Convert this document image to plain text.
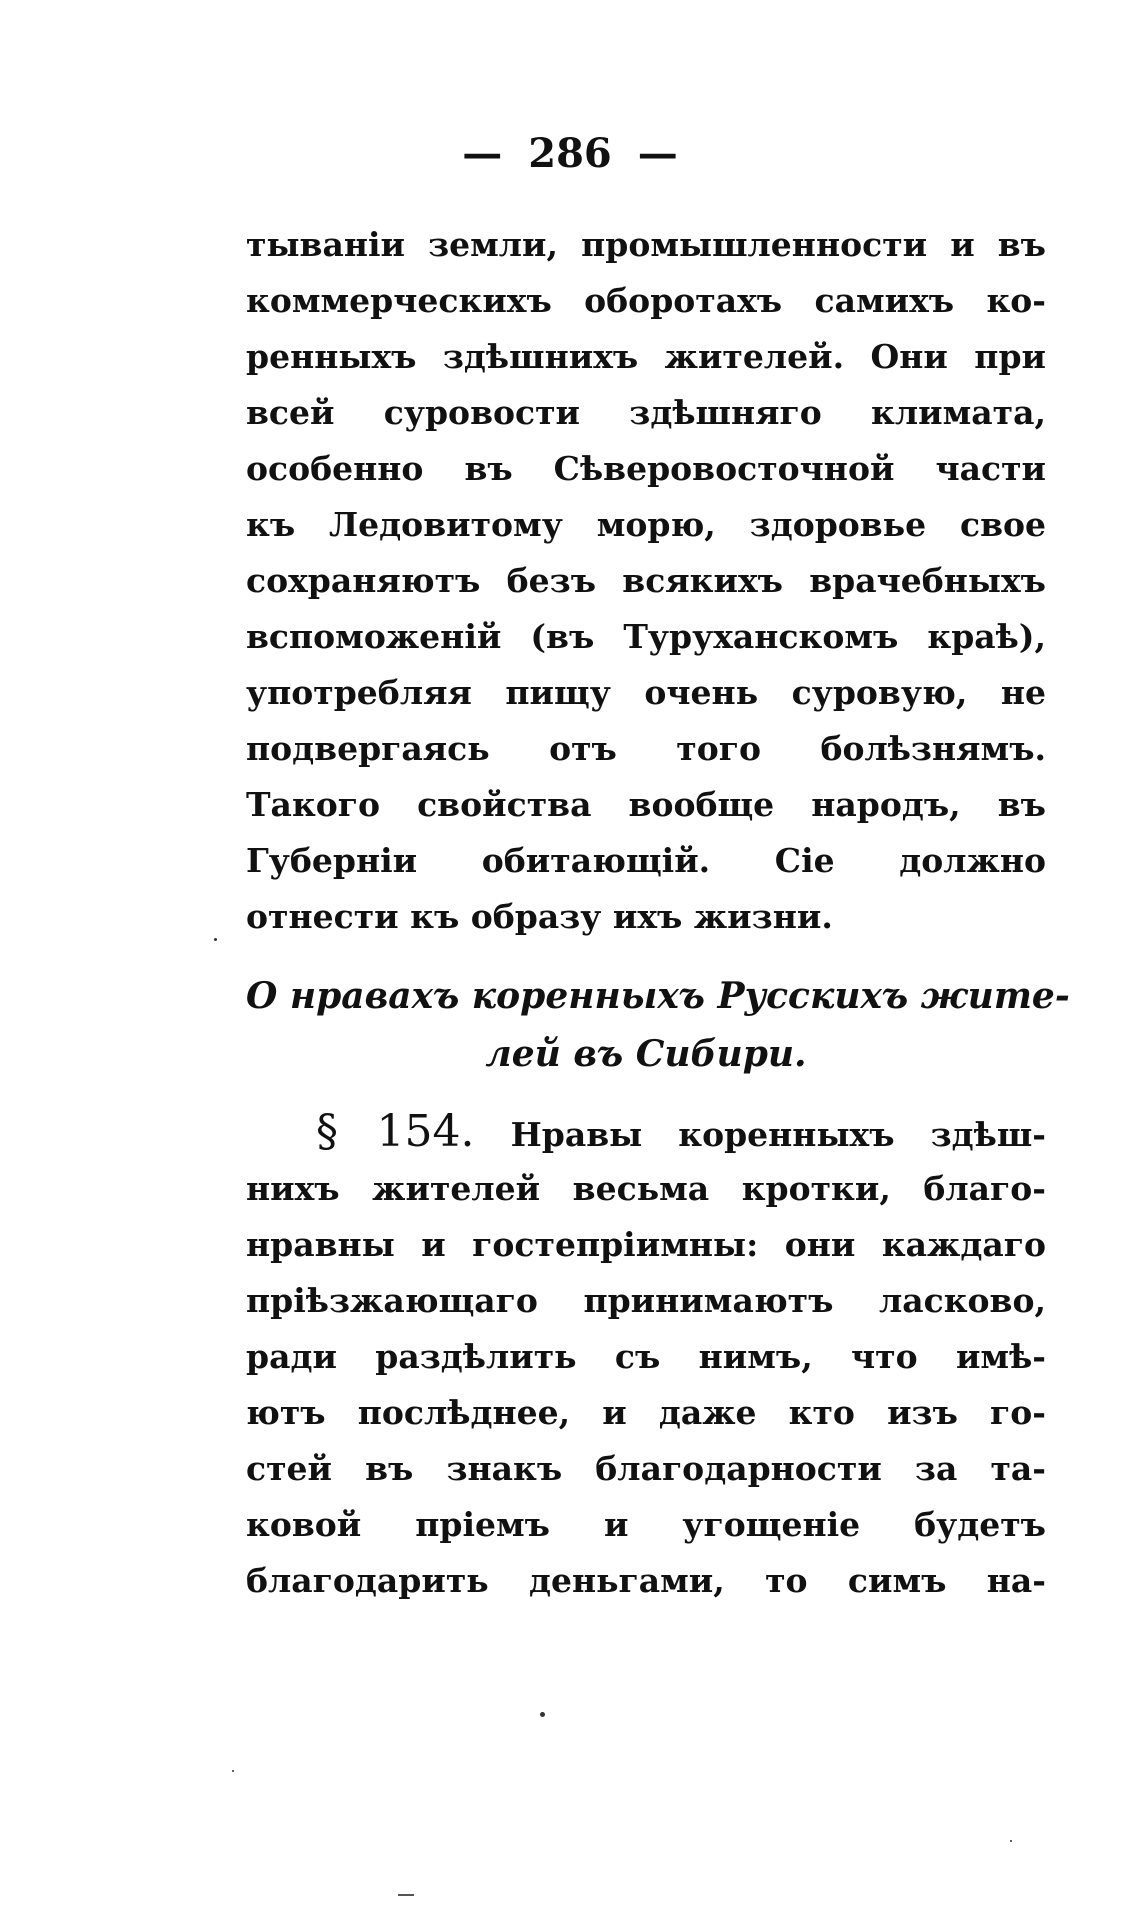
— 286 —
тываніи земли, промышленности и въ
коммерческихъ оборотахъ самихъ ко-
ренныхъ здѣшнихъ жителей. Они при
всей суровости здѣшняго климата,
особенно въ Сѣверовосточной части
къ Ледовитому морю, здоровье свое
сохраняютъ безъ всякихъ врачебныхъ
вспоможеній (въ Туруханскомъ краѣ),
употребляя пищу очень суровую, не
подвергаясь отъ того болѣзнямъ.
Такого свойства вообще народъ, въ
Губерніи обитающій. Сіе должно
отнести къ образу ихъ жизни.
О нравахъ коренныхъ Русскихъ жите-
лей въ Сибири.
§ 154. Нравы коренныхъ здѣш-
нихъ жителей весьма кротки, благо-
нравны и гостепріимны: они каждаго
пріѣзжающаго принимаютъ ласково,
ради раздѣлить съ нимъ, что имѣ-
ютъ послѣднее, и даже кто изъ го-
стей въ знакъ благодарности за та-
ковой пріемъ и угощеніе будетъ
благодарить деньгами, то симъ на-
